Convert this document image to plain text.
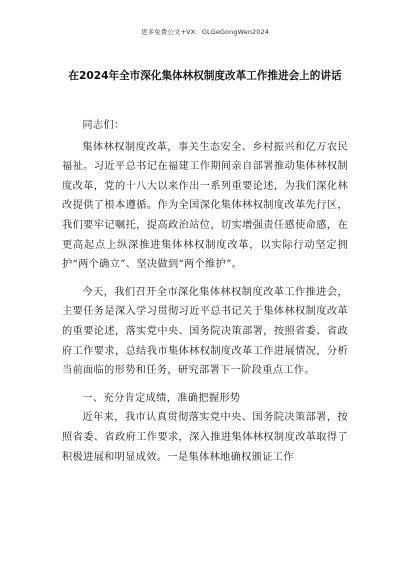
更多免费公文+VX：GLGeGongWen2024
在2024年全市深化集体林权制度改革工作推进会上的讲话

同志们：

集体林权制度改革，事关生态安全、乡村振兴和亿万农民福祉。习近平总书记在福建工作期间亲自部署推动集体林权制度改革，党的十八大以来作出一系列重要论述，为我们深化林改提供了根本遵循。作为全国深化集体林权制度改革先行区，我们要牢记嘱托，提高政治站位，切实增强责任感使命感，在更高起点上纵深推进集体林权制度改革，以实际行动坚定拥护“两个确立”、坚决做到“两个维护”。

今天，我们召开全市深化集体林权制度改革工作推进会，主要任务是深入学习贯彻习近平总书记关于集体林权制度改革的重要论述，落实党中央、国务院决策部署，按照省委、省政府工作要求，总结我市集体林权制度改革工作进展情况，分析当前面临的形势和任务，研究部署下一阶段重点工作。

一、充分肯定成绩，准确把握形势

近年来，我市认真贯彻落实党中央、国务院决策部署，按照省委、省政府工作要求，深入推进集体林权制度改革取得了积极进展和明显成效。一是集体林地确权颁证工作
